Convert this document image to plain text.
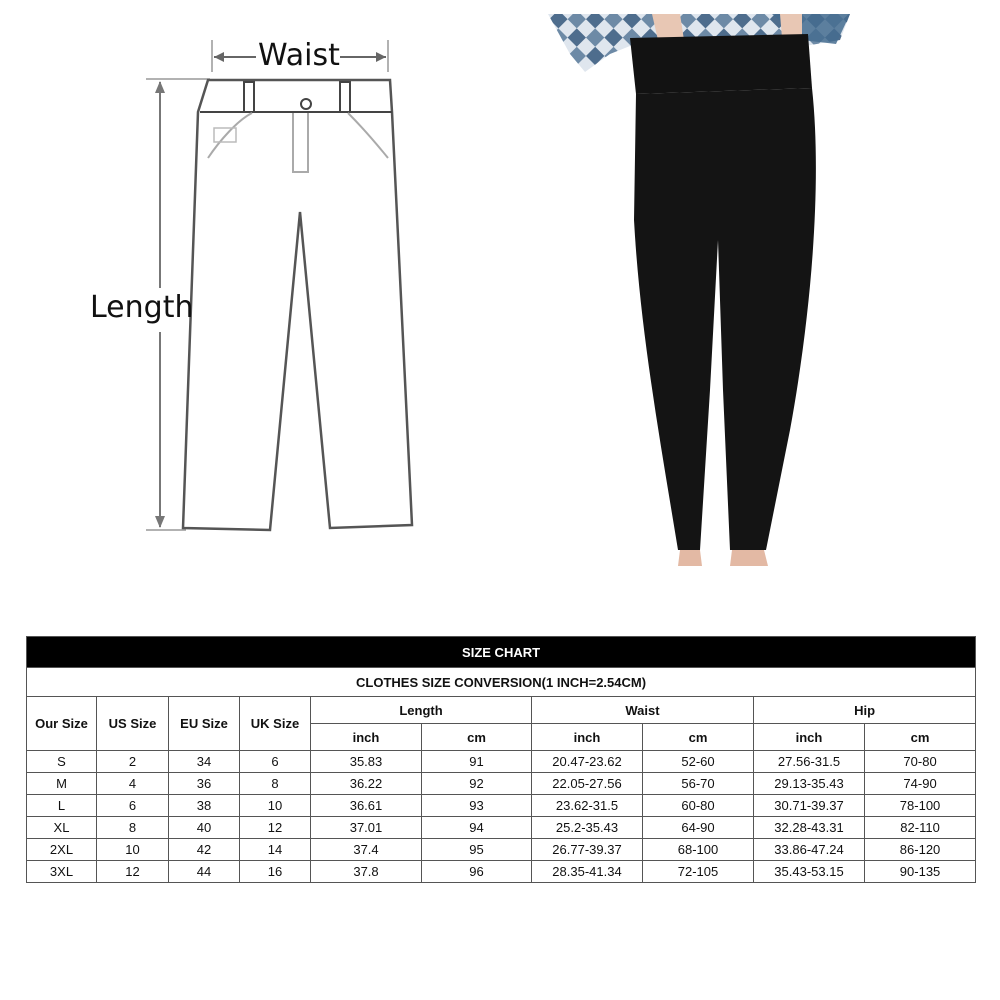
Waist
Length
SIZE CHART									
CLOTHES SIZE CONVERSION(1 INCH=2.54CM)									
Our Size	US Size	EU Size	UK Size	Length		Waist		Hip	
				inch	cm	inch	cm	inch	cm
S	2	34	6	35.83	91	20.47-23.62	52-60	27.56-31.5	70-80
M	4	36	8	36.22	92	22.05-27.56	56-70	29.13-35.43	74-90
L	6	38	10	36.61	93	23.62-31.5	60-80	30.71-39.37	78-100
XL	8	40	12	37.01	94	25.2-35.43	64-90	32.28-43.31	82-110
2XL	10	42	14	37.4	95	26.77-39.37	68-100	33.86-47.24	86-120
3XL	12	44	16	37.8	96	28.35-41.34	72-105	35.43-53.15	90-135
